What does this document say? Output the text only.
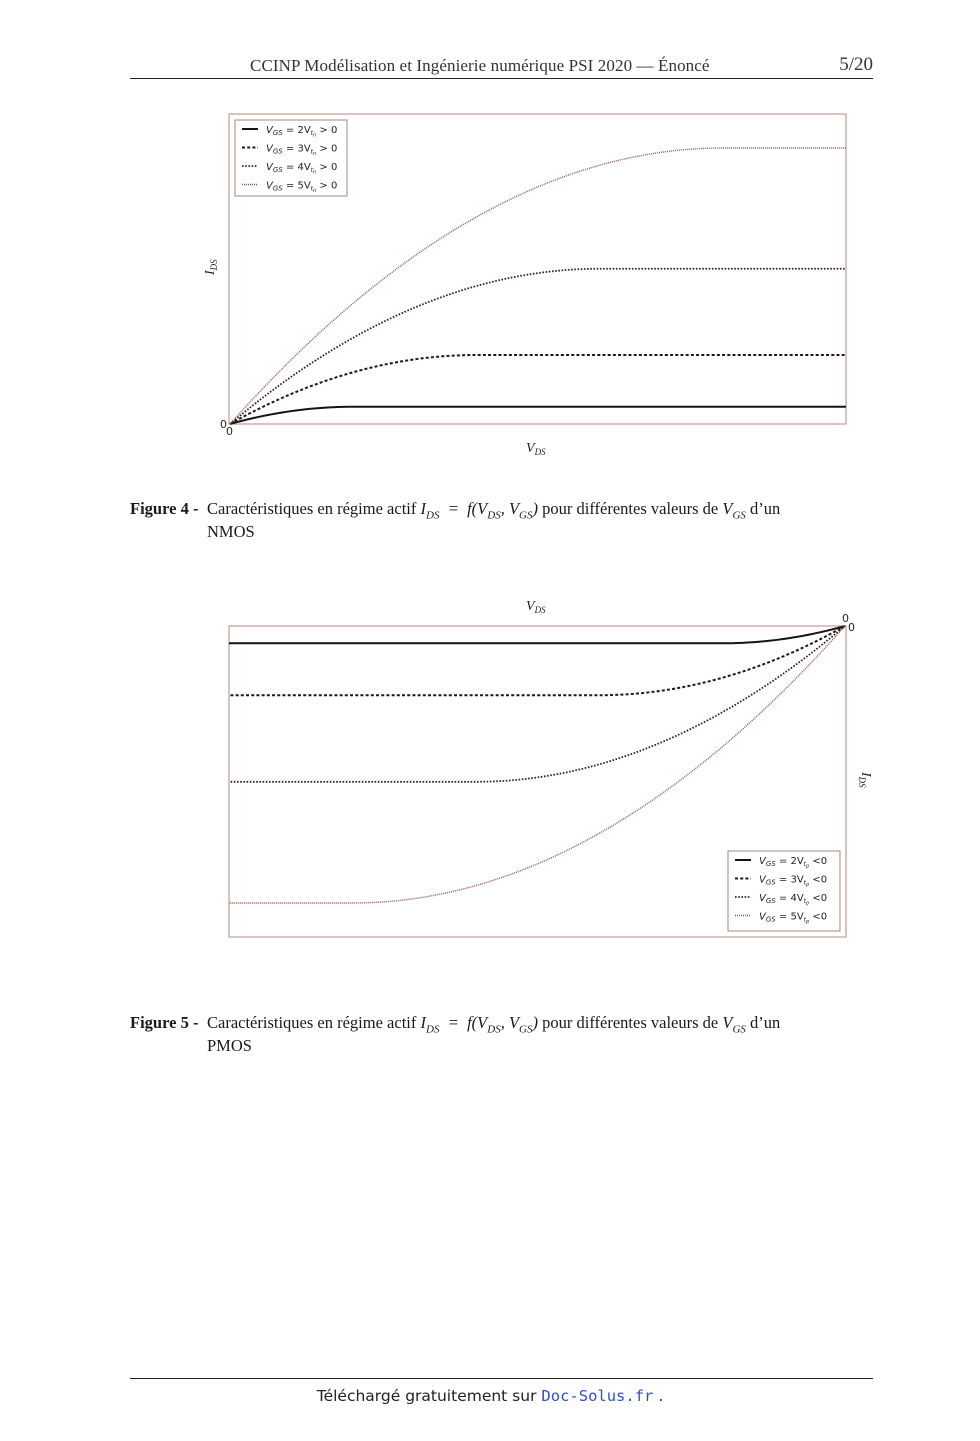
CCINP Modélisation et Ingénierie numérique PSI 2020 — Énoncé	5/20
$V_{GS} = 2V_tn > 0$
$V_{GS} = 3V_tn > 0$
$V_{GS} = 4V_tn > 0$
$V_{GS} = 5V_tn > 0$
0
0
$V_{DS}$
$I_{DS}$
Figure 4 - Caractéristiques en régime actif $I_{DS} = f(V_{DS}$, $V_{GS}$) pour différentes valeurs de $V_{GS}$ d’un
NMOS
$V_{GS} = 2V_tp <0$
$V_{GS} = 3V_tp <0$
$V_{GS} = 4V_tp <0$
$V_{GS} = 5V_tp <0$
0
0
$V_{DS}$
$I_{DS}$
Figure 5 - Caractéristiques en régime actif $I_{DS} = f(V_{DS}$, $V_{GS}$) pour différentes valeurs de $V_{GS}$ d’un
PMOS
Téléchargé gratuitement sur Doc-Solus.fr .
